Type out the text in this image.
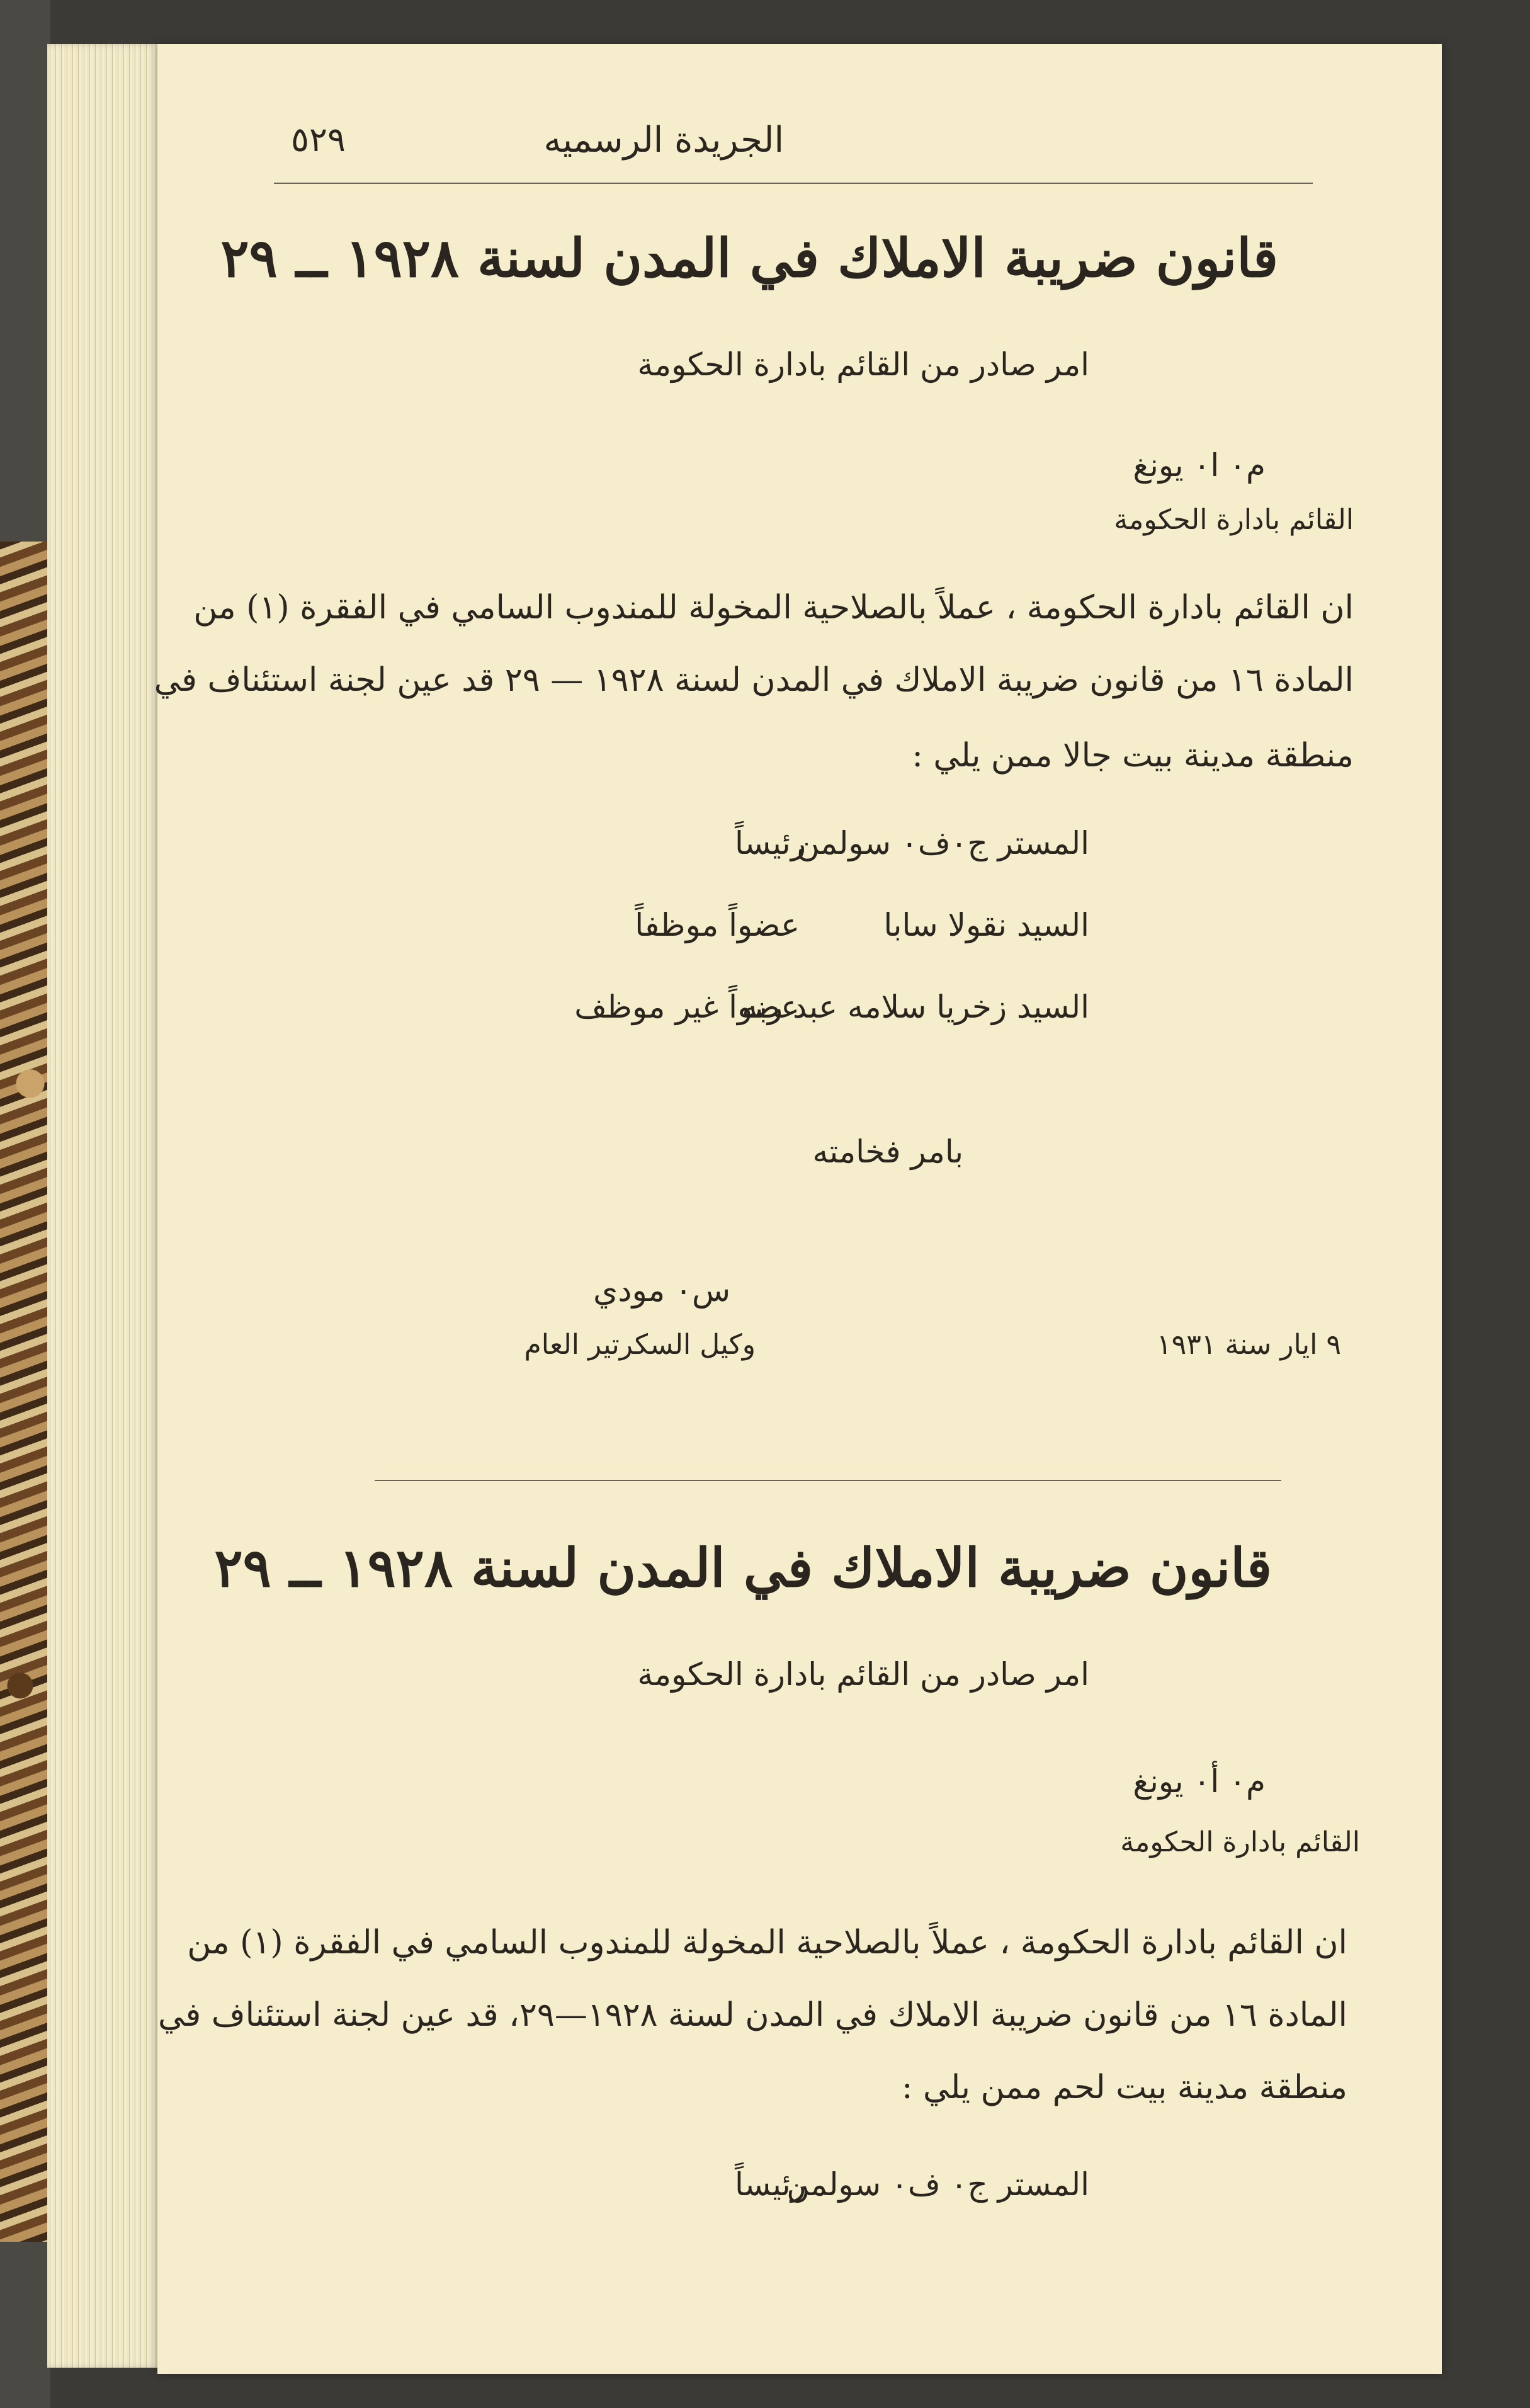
الجريدة الرسميه
٥٢٩
قانون ضريبة الاملاك في المدن لسنة ١٩٢٨ ــ ٢٩
امر صادر من القائم بادارة الحكومة
م٠ ا٠ يونغ
القائم بادارة الحكومة
ان القائم بادارة الحكومة ، عملاً بالصلاحية المخولة للمندوب السامي في الفقرة (١) من
المادة ١٦ من قانون ضريبة الاملاك في المدن لسنة ١٩٢٨ — ٢٩ قد عين لجنة استئناف في
منطقة مدينة بيت جالا ممن يلي :
المستر ج٠ف٠ سولمن
رئيساً
السيد نقولا سابا
عضواً موظفاً
السيد زخريا سلامه عبد ربه
عضواً غير موظف
بامر فخامته
س٠ مودي
وكيل السكرتير العام	٩ ايار سنة ١٩٣١
قانون ضريبة الاملاك في المدن لسنة ١٩٢٨ ــ ٢٩
امر صادر من القائم بادارة الحكومة
م٠ أ٠ يونغ
القائم بادارة الحكومة
ان القائم بادارة الحكومة ، عملاً بالصلاحية المخولة للمندوب السامي في الفقرة (١) من
المادة ١٦ من قانون ضريبة الاملاك في المدن لسنة ١٩٢٨—٢٩، قد عين لجنة استئناف في
منطقة مدينة بيت لحم ممن يلي :
المستر ج٠ ف٠ سولمن
رئيساً
